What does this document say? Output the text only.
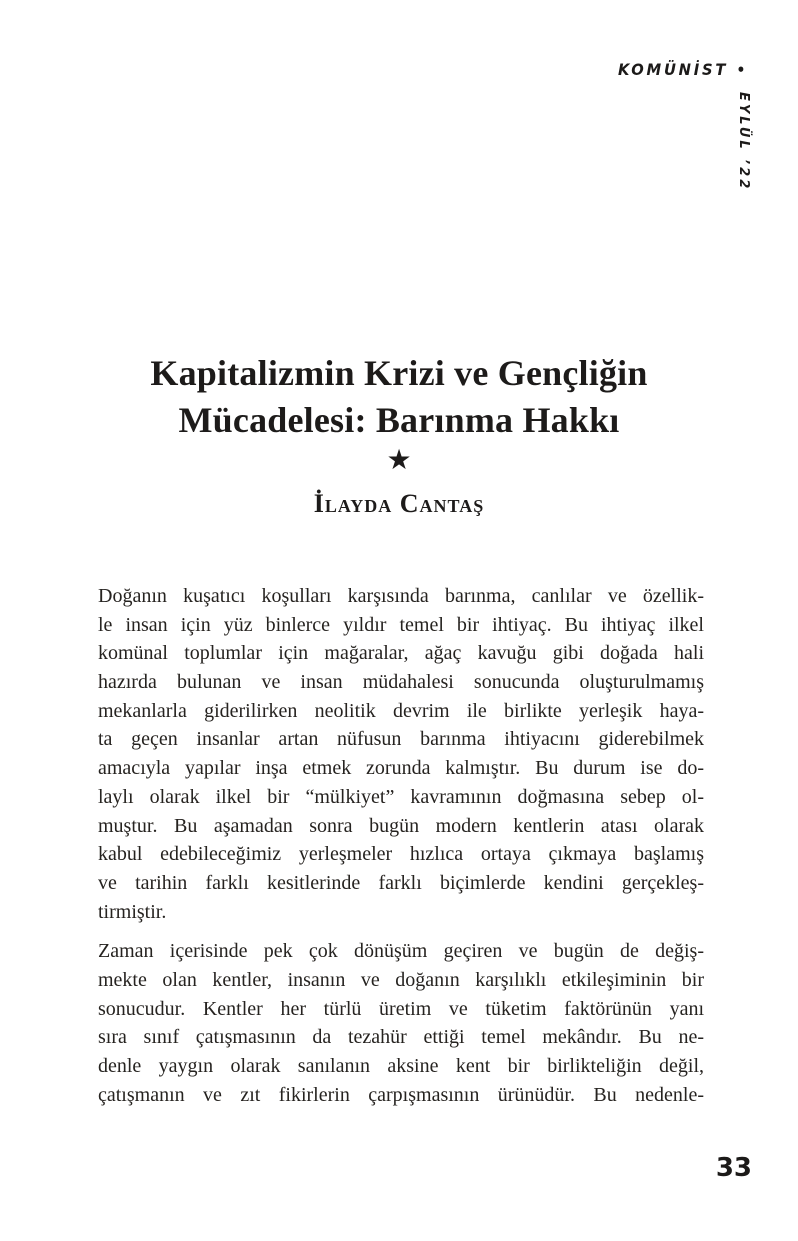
KOMÜNİST •
EYLÜL ’22
Kapitalizmin Krizi ve Gençliğin
Mücadelesi: Barınma Hakkı
★
İlayda Cantaş
Doğanın kuşatıcı koşulları karşısında barınma, canlılar ve özellik-
le insan için yüz binlerce yıldır temel bir ihtiyaç. Bu ihtiyaç ilkel
komünal toplumlar için mağaralar, ağaç kavuğu gibi doğada hali
hazırda bulunan ve insan müdahalesi sonucunda oluşturulmamış
mekanlarla giderilirken neolitik devrim ile birlikte yerleşik haya-
ta geçen insanlar artan nüfusun barınma ihtiyacını giderebilmek
amacıyla yapılar inşa etmek zorunda kalmıştır. Bu durum ise do-
laylı olarak ilkel bir “mülkiyet” kavramının doğmasına sebep ol-
muştur. Bu aşamadan sonra bugün modern kentlerin atası olarak
kabul edebileceğimiz yerleşmeler hızlıca ortaya çıkmaya başlamış
ve tarihin farklı kesitlerinde farklı biçimlerde kendini gerçekleş-
tirmiştir.
Zaman içerisinde pek çok dönüşüm geçiren ve bugün de değiş-
mekte olan kentler, insanın ve doğanın karşılıklı etkileşiminin bir
sonucudur. Kentler her türlü üretim ve tüketim faktörünün yanı
sıra sınıf çatışmasının da tezahür ettiği temel mekândır. Bu ne-
denle yaygın olarak sanılanın aksine kent bir birlikteliğin değil,
çatışmanın ve zıt fikirlerin çarpışmasının ürünüdür. Bu nedenle-
33
